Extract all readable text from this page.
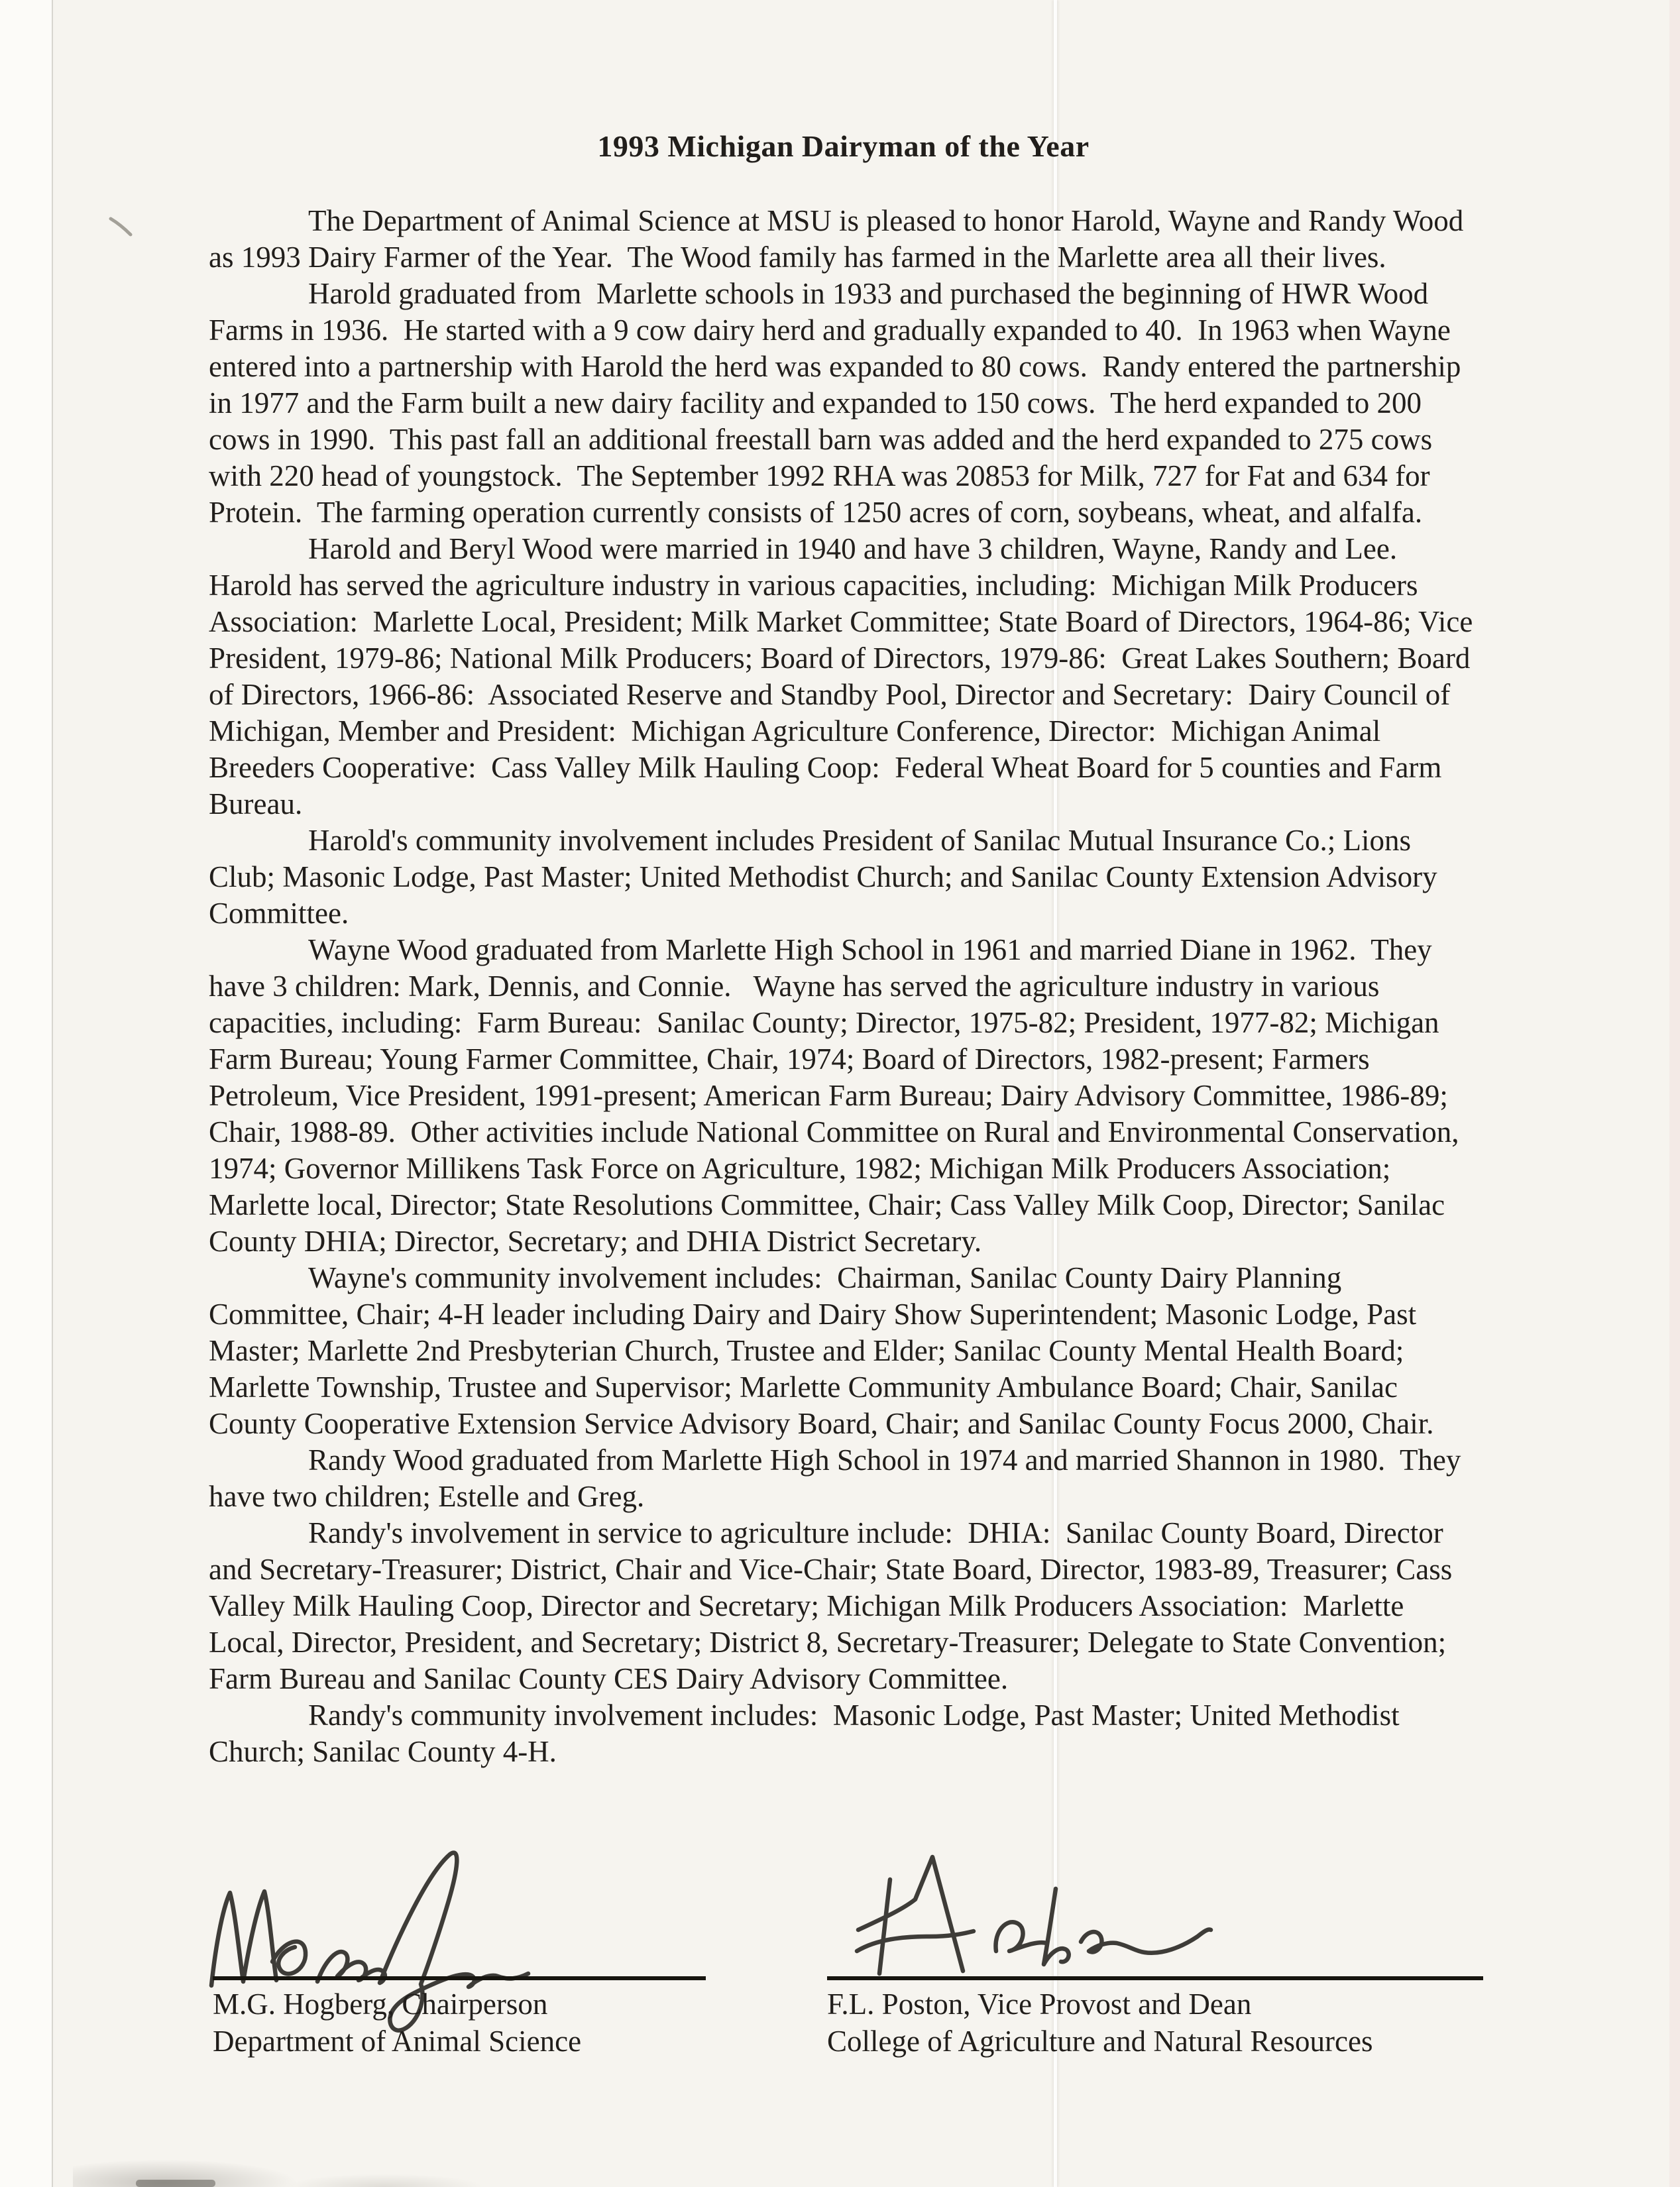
1993 Michigan Dairyman of the Year

The Department of Animal Science at MSU is pleased to honor Harold, Wayne and Randy Wood as 1993 Dairy Farmer of the Year.  The Wood family has farmed in the Marlette area all their lives.

Harold graduated from  Marlette schools in 1933 and purchased the beginning of HWR Wood Farms in 1936.  He started with a 9 cow dairy herd and gradually expanded to 40.  In 1963 when Wayne entered into a partnership with Harold the herd was expanded to 80 cows.  Randy entered the partnership in 1977 and the Farm built a new dairy facility and expanded to 150 cows.  The herd expanded to 200 cows in 1990.  This past fall an additional freestall barn was added and the herd expanded to 275 cows with 220 head of youngstock.  The September 1992 RHA was 20853 for Milk, 727 for Fat and 634 for Protein.  The farming operation currently consists of 1250 acres of corn, soybeans, wheat, and alfalfa.

Harold and Beryl Wood were married in 1940 and have 3 children, Wayne, Randy and Lee.  Harold has served the agriculture industry in various capacities, including:  Michigan Milk Producers Association:  Marlette Local, President; Milk Market Committee; State Board of Directors, 1964-86; Vice President, 1979-86; National Milk Producers; Board of Directors, 1979-86:  Great Lakes Southern; Board of Directors, 1966-86:  Associated Reserve and Standby Pool, Director and Secretary:  Dairy Council of Michigan, Member and President:  Michigan Agriculture Conference, Director:  Michigan Animal Breeders Cooperative:  Cass Valley Milk Hauling Coop:  Federal Wheat Board for 5 counties and Farm Bureau.

Harold's community involvement includes President of Sanilac Mutual Insurance Co.; Lions Club; Masonic Lodge, Past Master; United Methodist Church; and Sanilac County Extension Advisory Committee.

Wayne Wood graduated from Marlette High School in 1961 and married Diane in 1962.  They have 3 children: Mark, Dennis, and Connie.   Wayne has served the agriculture industry in various capacities, including:  Farm Bureau:  Sanilac County; Director, 1975-82; President, 1977-82; Michigan Farm Bureau; Young Farmer Committee, Chair, 1974; Board of Directors, 1982-present; Farmers Petroleum, Vice President, 1991-present; American Farm Bureau; Dairy Advisory Committee, 1986-89; Chair, 1988-89.  Other activities include National Committee on Rural and Environmental Conservation, 1974; Governor Millikens Task Force on Agriculture, 1982; Michigan Milk Producers Association; Marlette local, Director; State Resolutions Committee, Chair; Cass Valley Milk Coop, Director; Sanilac County DHIA; Director, Secretary; and DHIA District Secretary.

Wayne's community involvement includes:  Chairman, Sanilac County Dairy Planning Committee, Chair; 4-H leader including Dairy and Dairy Show Superintendent; Masonic Lodge, Past Master; Marlette 2nd Presbyterian Church, Trustee and Elder; Sanilac County Mental Health Board; Marlette Township, Trustee and Supervisor; Marlette Community Ambulance Board; Chair, Sanilac County Cooperative Extension Service Advisory Board, Chair; and Sanilac County Focus 2000, Chair.

Randy Wood graduated from Marlette High School in 1974 and married Shannon in 1980.  They have two children; Estelle and Greg.

Randy's involvement in service to agriculture include:  DHIA:  Sanilac County Board, Director and Secretary-Treasurer; District, Chair and Vice-Chair; State Board, Director, 1983-89, Treasurer; Cass Valley Milk Hauling Coop, Director and Secretary; Michigan Milk Producers Association:  Marlette Local, Director, President, and Secretary; District 8, Secretary-Treasurer; Delegate to State Convention; Farm Bureau and Sanilac County CES Dairy Advisory Committee.

Randy's community involvement includes:  Masonic Lodge, Past Master; United Methodist Church; Sanilac County 4-H.

M.G. Hogberg, Chairperson
Department of Animal Science
F.L. Poston, Vice Provost and Dean
College of Agriculture and Natural Resources
